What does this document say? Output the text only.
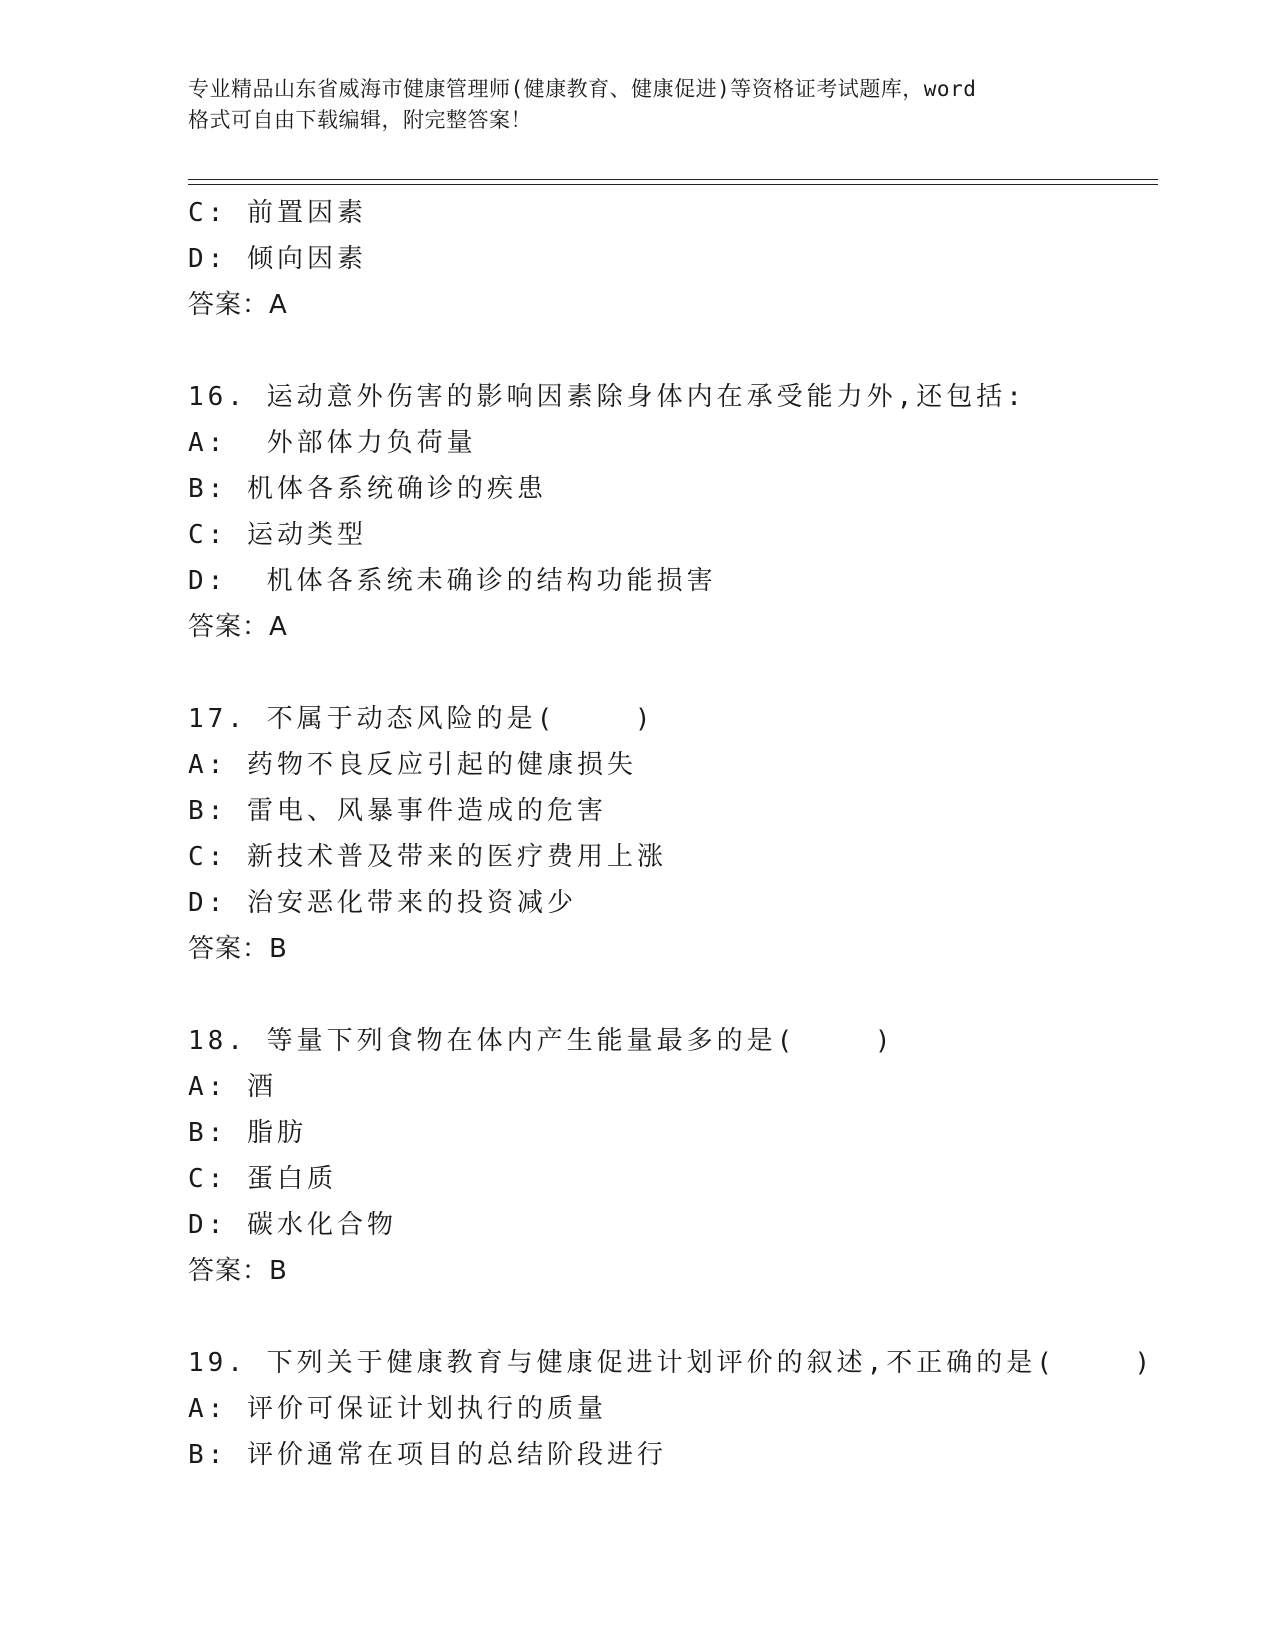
专业精品山东省威海市健康管理师(健康教育、健康促进)等资格证考试题库，word
格式可自由下载编辑，附完整答案！
C: 前置因素
D: 倾向因素
答案：A
16. 运动意外伤害的影响因素除身体内在承受能力外,还包括:
A:  外部体力负荷量
B: 机体各系统确诊的疾患
C: 运动类型
D:  机体各系统未确诊的结构功能损害
答案：A
17. 不属于动态风险的是(    )
A: 药物不良反应引起的健康损失
B: 雷电、风暴事件造成的危害
C: 新技术普及带来的医疗费用上涨
D: 治安恶化带来的投资减少
答案：B
18. 等量下列食物在体内产生能量最多的是(    )
A: 酒
B: 脂肪
C: 蛋白质
D: 碳水化合物
答案：B
19. 下列关于健康教育与健康促进计划评价的叙述,不正确的是(    )
A: 评价可保证计划执行的质量
B: 评价通常在项目的总结阶段进行
